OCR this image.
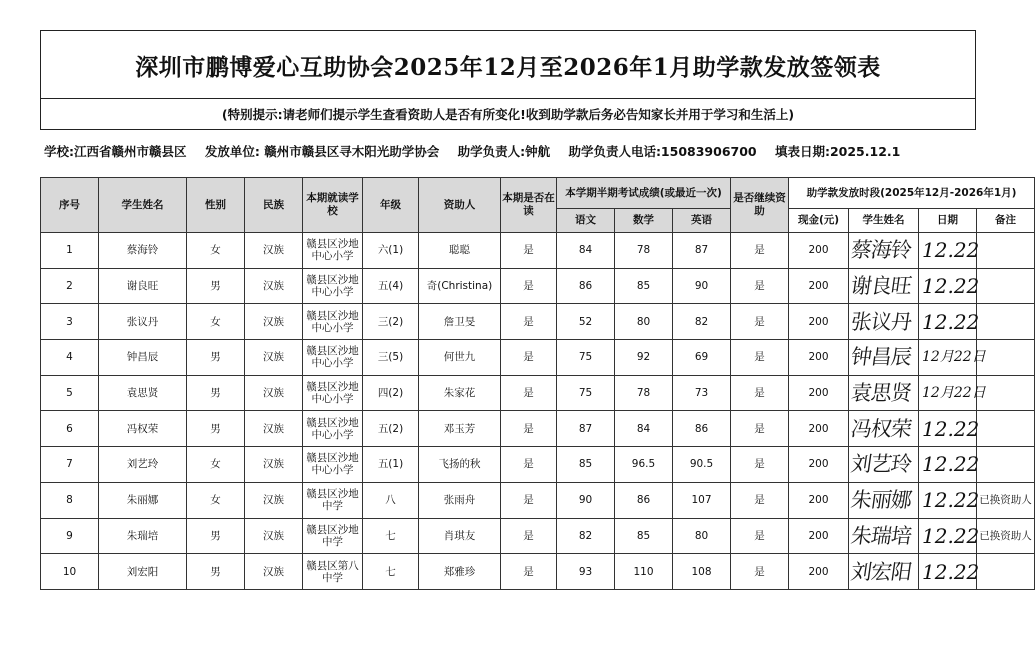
深圳市鹏博爱心互助协会2025年12月至2026年1月助学款发放签领表
(特别提示:请老师们提示学生查看资助人是否有所变化!收到助学款后务必告知家长并用于学习和生活上)
学校:江西省赣州市赣县区 发放单位: 赣州市赣县区寻木阳光助学协会 助学负责人:钟航 助学负责人电话:15083906700 填表日期:2025.12.1
序号	学生姓名	性别	民族	本期就读学校	年级	资助人	本期是否在读	本学期半期考试成绩(或最近一次)			是否继续资助	助学款发放时段(2025年12月-2026年1月)			
								语文	数学	英语		现金(元)	学生姓名	日期	备注
1	蔡海铃	女	汉族	赣县区沙地中心小学	六(1)	聪聪	是	84	78	87	是	200	蔡海铃	12.22	
2	谢良旺	男	汉族	赣县区沙地中心小学	五(4)	奇(Christina)	是	86	85	90	是	200	谢良旺	12.22	
3	张议丹	女	汉族	赣县区沙地中心小学	三(2)	詹卫旻	是	52	80	82	是	200	张议丹	12.22	
4	钟昌辰	男	汉族	赣县区沙地中心小学	三(5)	何世九	是	75	92	69	是	200	钟昌辰	12月22日	
5	袁思贤	男	汉族	赣县区沙地中心小学	四(2)	朱家花	是	75	78	73	是	200	袁思贤	12月22日	
6	冯权荣	男	汉族	赣县区沙地中心小学	五(2)	邓玉芳	是	87	84	86	是	200	冯权荣	12.22	
7	刘艺玲	女	汉族	赣县区沙地中心小学	五(1)	飞扬的秋	是	85	96.5	90.5	是	200	刘艺玲	12.22	
8	朱丽娜	女	汉族	赣县区沙地中学	八	张雨舟	是	90	86	107	是	200	朱丽娜	12.22	已换资助人
9	朱瑞培	男	汉族	赣县区沙地中学	七	肖琪友	是	82	85	80	是	200	朱瑞培	12.22	已换资助人
10	刘宏阳	男	汉族	赣县区第八中学	七	郑雅珍	是	93	110	108	是	200	刘宏阳	12.22	
